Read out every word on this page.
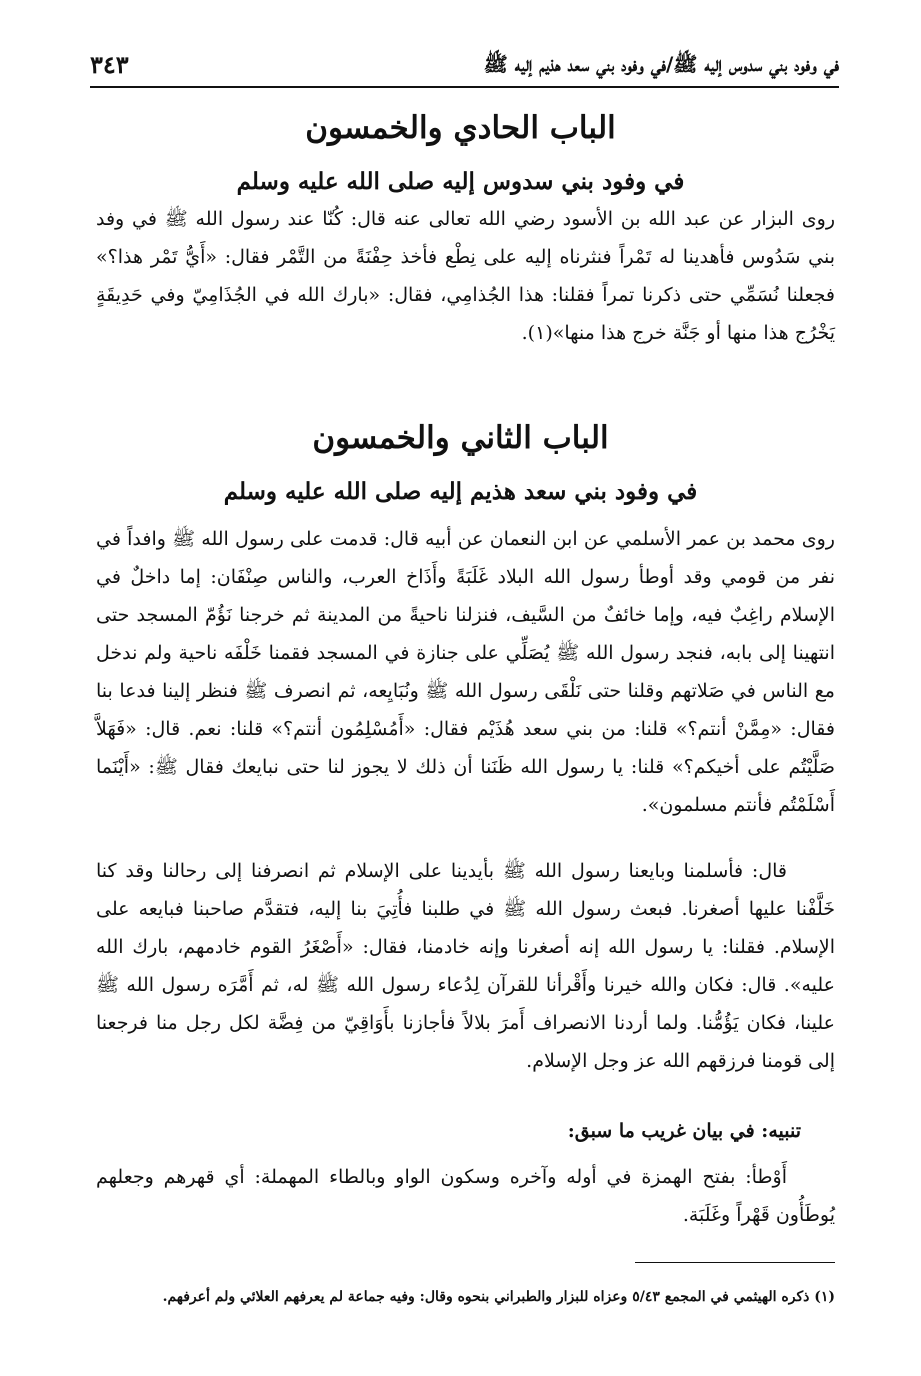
في وفود بني سدوس إليه ﷺ/في وفود بني سعد هذيم إليه ﷺ
٣٤٣
الباب الحادي والخمسون
في وفود بني سدوس إليه صلى الله عليه وسلم

روى البزار عن عبد الله بن الأسود رضي الله تعالى عنه قال: كُنّا عند رسول الله ﷺ في وفد بني سَدُوس فأهدينا له تَمْراً فنثرناه إليه على نِطْع فأخذ حِفْنَةً من التَّمْر فقال: «أَيُّ تَمْر هذا؟» فجعلنا نُسَمِّي حتى ذكرنا تمراً فقلنا: هذا الجُذامِي، فقال: «بارك الله في الجُذَامِيّ وفي حَدِيقَةٍ يَخْرُج هذا منها أو جَنَّة خرج هذا منها»(١).

الباب الثاني والخمسون
في وفود بني سعد هذيم إليه صلى الله عليه وسلم

روى محمد بن عمر الأسلمي عن ابن النعمان عن أبيه قال: قدمت على رسول الله ﷺ وافداً في نفر من قومي وقد أوطأ رسول الله البلاد غَلَبَةً وأَذَاخ العرب، والناس صِنْفَان: إما داخلٌ في الإسلام راغِبٌ فيه، وإما خائفٌ من السَّيف، فنزلنا ناحيةً من المدينة ثم خرجنا نَؤُمّ المسجد حتى انتهينا إلى بابه، فنجد رسول الله ﷺ يُصَلِّي على جنازة في المسجد فقمنا خَلْفَه ناحية ولم ندخل مع الناس في صَلاتهم وقلنا حتى نَلْقَى رسول الله ﷺ ونُبَايِعه، ثم انصرف ﷺ فنظر إلينا فدعا بنا فقال: «مِمَّنْ أنتم؟» قلنا: من بني سعد هُذَيْم فقال: «أَمُسْلِمُون أنتم؟» قلنا: نعم. قال: «فَهَلاَّ صَلَّيْتُم على أخيكم؟» قلنا: يا رسول الله ظَنَنا أن ذلك لا يجوز لنا حتى نبايعك فقال ﷺ: «أَيْنَما أَسْلَمْتُم فأنتم مسلمون».

قال: فأسلمنا وبايعنا رسول الله ﷺ بأيدينا على الإسلام ثم انصرفنا إلى رحالنا وقد كنا خَلَّفْنا عليها أصغرنا. فبعث رسول الله ﷺ في طلبنا فأُتِيَ بنا إليه، فتقدَّم صاحبنا فبايعه على الإسلام. فقلنا: يا رسول الله إنه أصغرنا وإنه خادمنا، فقال: «أَصْغَرُ القوم خادمهم، بارك الله عليه». قال: فكان والله خيرنا وأَقْرأنا للقرآن لِدُعاء رسول الله ﷺ له، ثم أَمَّرَه رسول الله ﷺ علينا، فكان يَؤُمُّنا. ولما أردنا الانصراف أَمرَ بلالاً فأجازنا بأَوَاقِيّ من فِضَّة لكل رجل منا فرجعنا إلى قومنا فرزقهم الله عز وجل الإسلام.

تنبيه: في بيان غريب ما سبق:

أَوْطأ: بفتح الهمزة في أوله وآخره وسكون الواو وبالطاء المهملة: أي قهرهم وجعلهم يُوطَأُون قَهْراً وغَلَبَة.

(١) ذكره الهيثمي في المجمع ٥/٤٣ وعزاه للبزار والطبراني بنحوه وقال: وفيه جماعة لم يعرفهم العلائي ولم أعرفهم.
